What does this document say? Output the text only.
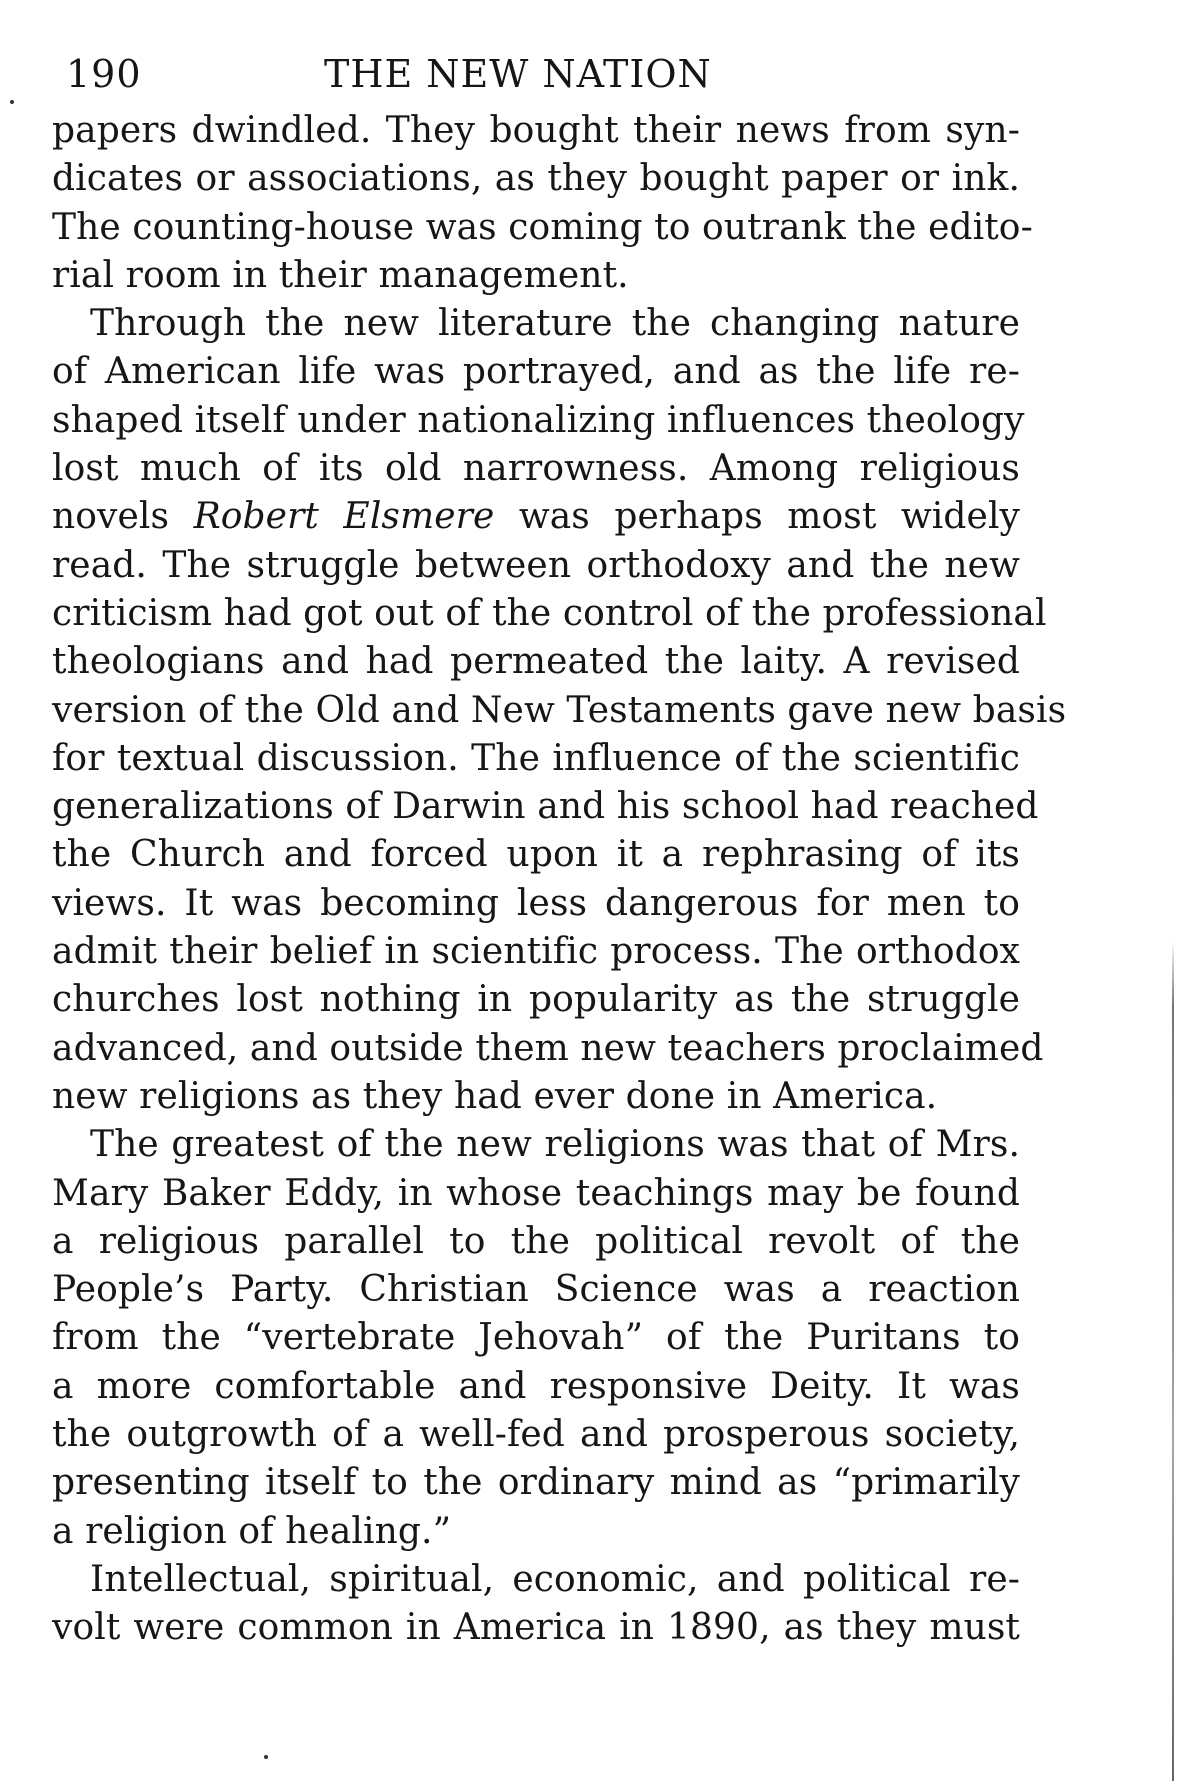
190	THE NEW NATION
papers dwindled. They bought their news from syn-
dicates or associations, as they bought paper or ink.
The counting-house was coming to outrank the edito-
rial room in their management.
Through the new literature the changing nature
of American life was portrayed, and as the life re-
shaped itself under nationalizing influences theology
lost much of its old narrowness. Among religious
novels Robert Elsmere was perhaps most widely
read. The struggle between orthodoxy and the new
criticism had got out of the control of the professional
theologians and had permeated the laity. A revised
version of the Old and New Testaments gave new basis
for textual discussion. The influence of the scientific
generalizations of Darwin and his school had reached
the Church and forced upon it a rephrasing of its
views. It was becoming less dangerous for men to
admit their belief in scientific process. The orthodox
churches lost nothing in popularity as the struggle
advanced, and outside them new teachers proclaimed
new religions as they had ever done in America.
The greatest of the new religions was that of Mrs.
Mary Baker Eddy, in whose teachings may be found
a religious parallel to the political revolt of the
People’s Party. Christian Science was a reaction
from the “vertebrate Jehovah” of the Puritans to
a more comfortable and responsive Deity. It was
the outgrowth of a well-fed and prosperous society,
presenting itself to the ordinary mind as “primarily
a religion of healing.”
Intellectual, spiritual, economic, and political re-
volt were common in America in 1890, as they must
